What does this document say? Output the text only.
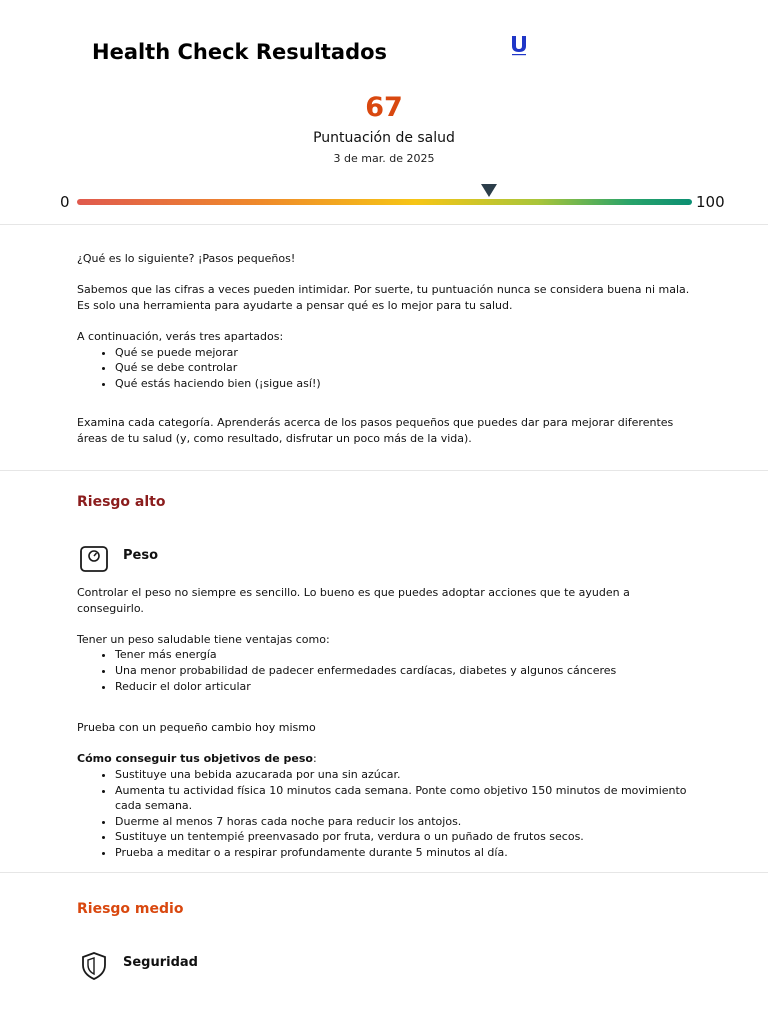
Health Check Resultados
67
Puntuación de salud
3 de mar. de 2025
0	100

¿Qué es lo siguiente? ¡Pasos pequeños!

Sabemos que las cifras a veces pueden intimidar. Por suerte, tu puntuación nunca se considera buena ni mala. Es solo una herramienta para ayudarte a pensar qué es lo mejor para tu salud.

A continuación, verás tres apartados:

• Qué se puede mejorar
• Qué se debe controlar
• Qué estás haciendo bien (¡sigue así!)

Examina cada categoría. Aprenderás acerca de los pasos pequeños que puedes dar para mejorar diferentes áreas de tu salud (y, como resultado, disfrutar un poco más de la vida).

Riesgo alto
Peso

Controlar el peso no siempre es sencillo. Lo bueno es que puedes adoptar acciones que te ayuden a conseguirlo.

Tener un peso saludable tiene ventajas como:

• Tener más energía
• Una menor probabilidad de padecer enfermedades cardíacas, diabetes y algunos cánceres
• Reducir el dolor articular

Prueba con un pequeño cambio hoy mismo

Cómo conseguir tus objetivos de peso:

• Sustituye una bebida azucarada por una sin azúcar.
• Aumenta tu actividad física 10 minutos cada semana. Ponte como objetivo 150 minutos de movimiento cada semana.
• Duerme al menos 7 horas cada noche para reducir los antojos.
• Sustituye un tentempié preenvasado por fruta, verdura o un puñado de frutos secos.
• Prueba a meditar o a respirar profundamente durante 5 minutos al día.
Riesgo medio
Seguridad
